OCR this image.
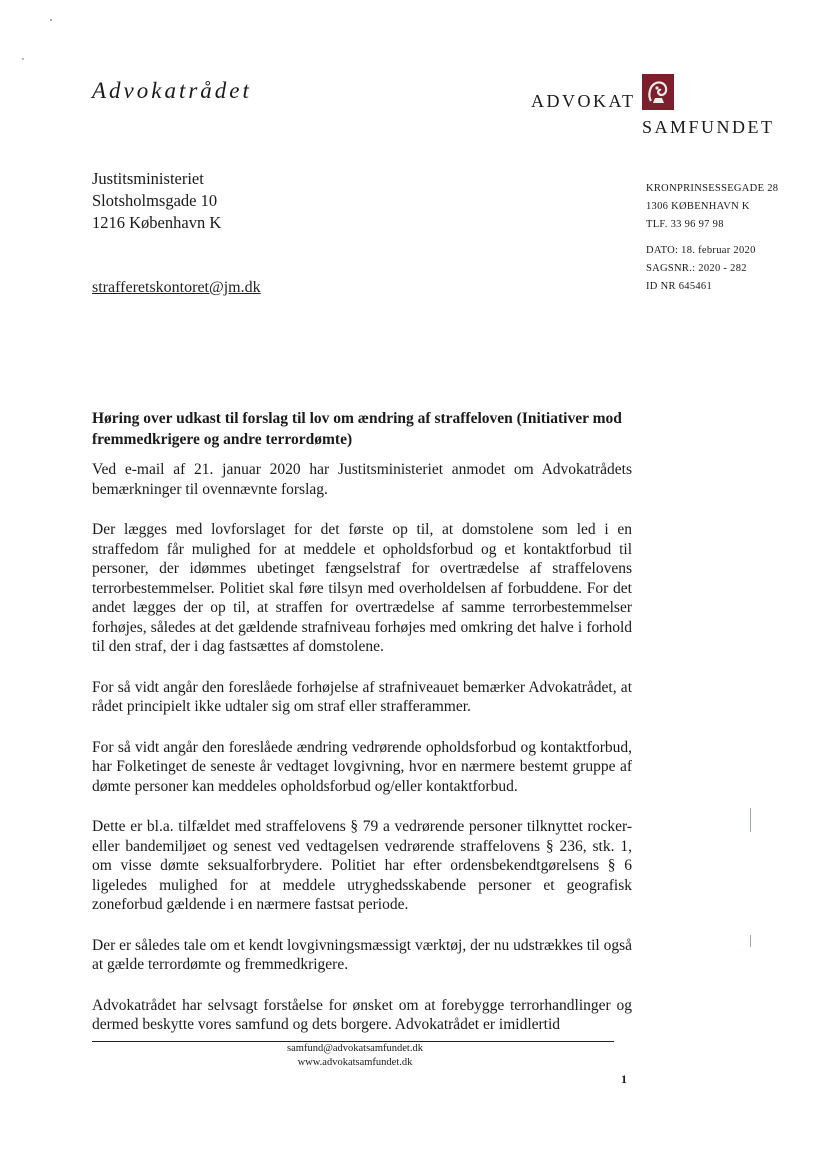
Advokatrådet	ADVOKAT
SAMFUNDET
Justitsministeriet
Slotsholmsgade 10
1216 København K
KRONPRINSESSEGADE 28
1306 KØBENHAVN K
TLF. 33 96 97 98
DATO: 18. februar 2020
SAGSNR.: 2020 - 282
ID NR 645461
strafferetskontoret@jm.dk
Høring over udkast til forslag til lov om ændring af straffeloven (Initiativer mod fremmedkrigere og andre terrordømte)

Ved e-mail af 21. januar 2020 har Justitsministeriet anmodet om Advokatrådets bemærkninger til ovennævnte forslag.

Der lægges med lovforslaget for det første op til, at domstolene som led i en straffedom får mulighed for at meddele et opholdsforbud og et kontaktforbud til personer, der idømmes ubetinget fængselstraf for overtrædelse af straffelovens terrorbestemmelser. Politiet skal føre tilsyn med overholdelsen af forbuddene. For det andet lægges der op til, at straffen for overtrædelse af samme terrorbestemmelser forhøjes, således at det gældende strafniveau forhøjes med omkring det halve i forhold til den straf, der i dag fastsættes af domstolene.

For så vidt angår den foreslåede forhøjelse af strafniveauet bemærker Advokatrådet, at rådet principielt ikke udtaler sig om straf eller strafferammer.

For så vidt angår den foreslåede ændring vedrørende opholdsforbud og kontaktforbud, har Folketinget de seneste år vedtaget lovgivning, hvor en nærmere bestemt gruppe af dømte personer kan meddeles opholdsforbud og/eller kontaktforbud.

Dette er bl.a. tilfældet med straffelovens § 79 a vedrørende personer tilknyttet rocker- eller bandemiljøet og senest ved vedtagelsen vedrørende straffelovens § 236, stk. 1, om visse dømte seksualforbrydere. Politiet har efter ordensbekendtgørelsens § 6 ligeledes mulighed for at meddele utryghedsskabende personer et geografisk zoneforbud gældende i en nærmere fastsat periode.

Der er således tale om et kendt lovgivningsmæssigt værktøj, der nu udstrækkes til også at gælde terrordømte og fremmedkrigere.

Advokatrådet har selvsagt forståelse for ønsket om at forebygge terrorhandlinger og dermed beskytte vores samfund og dets borgere. Advokatrådet er imidlertid

samfund@advokatsamfundet.dk
www.advokatsamfundet.dk
1
